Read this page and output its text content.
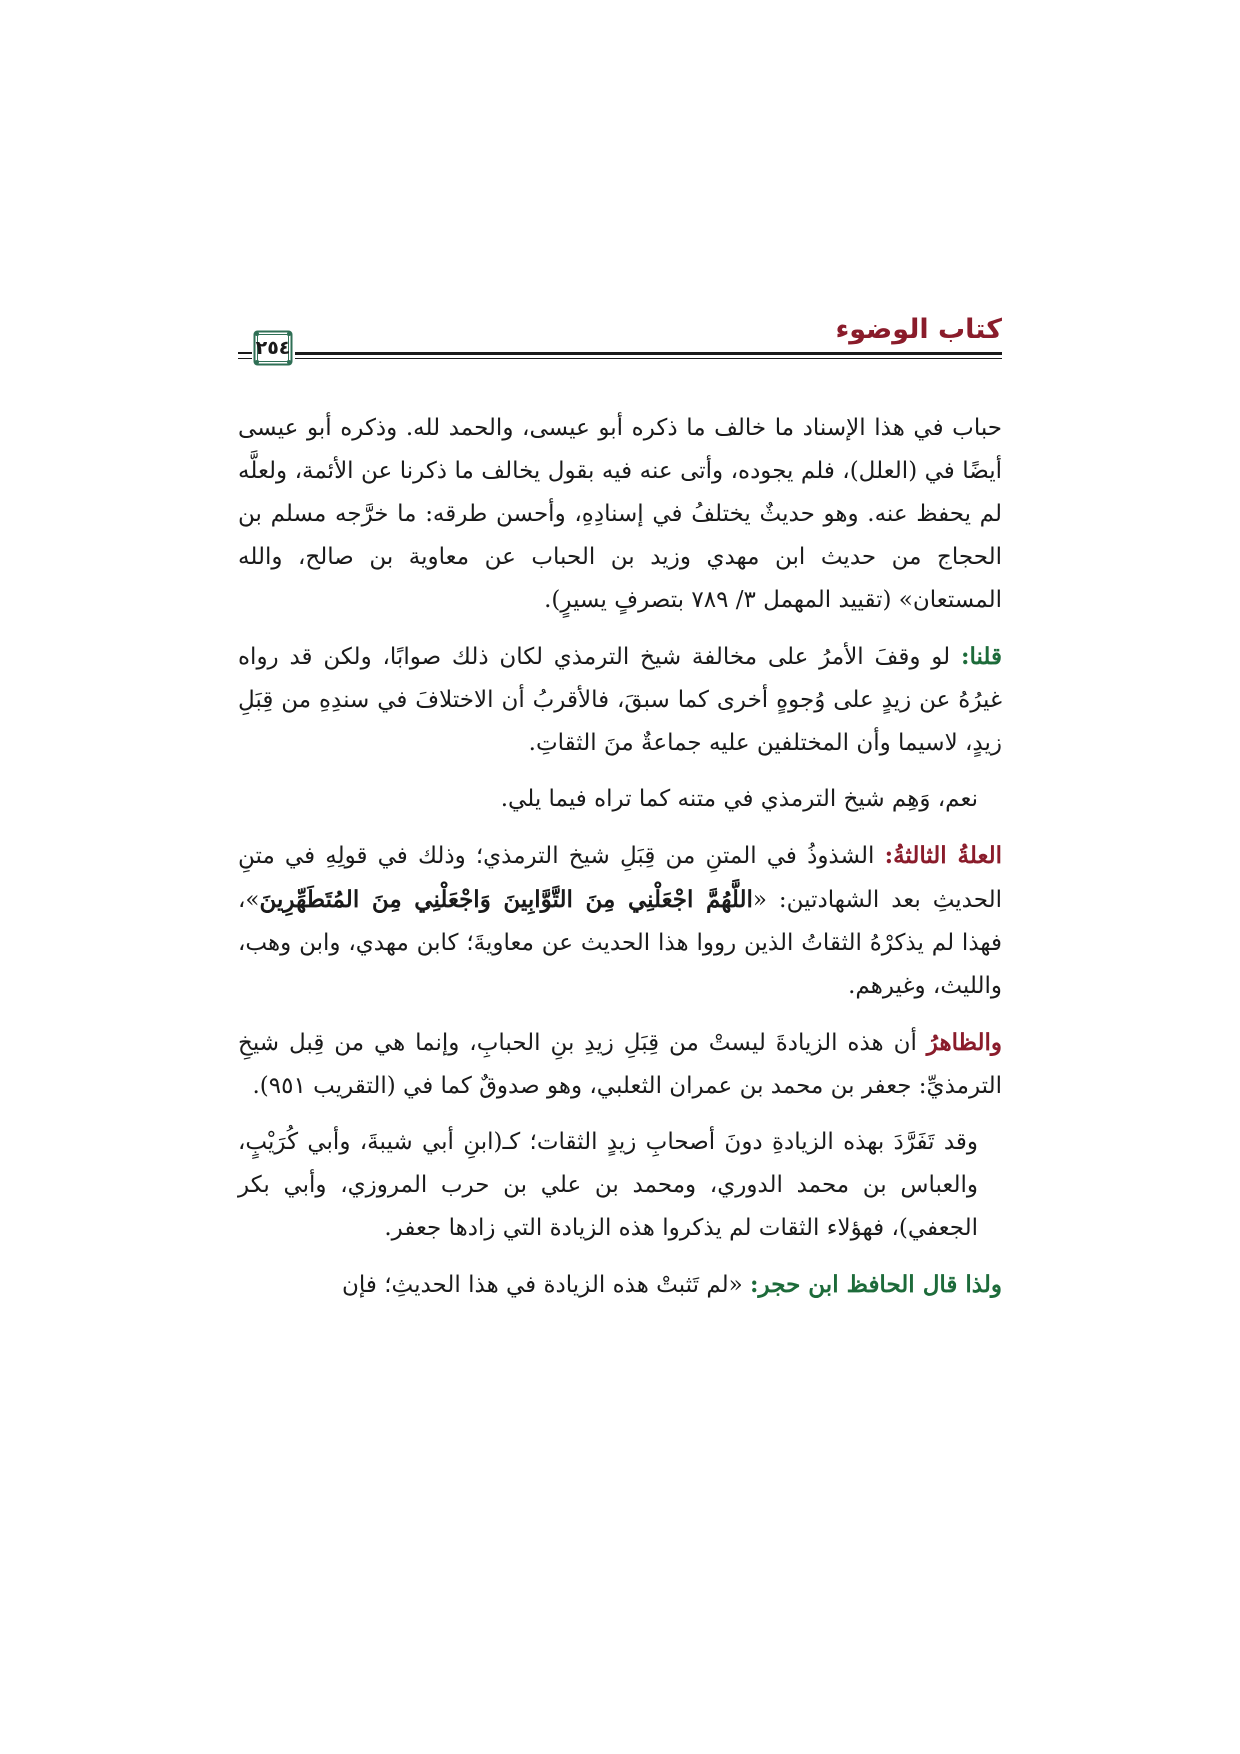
كتاب الوضوء
٢٥٤

حباب في هذا الإسناد ما خالف ما ذكره أبو عيسى، والحمد لله. وذكره أبو عيسى أيضًا في (العلل)، فلم يجوده، وأتى عنه فيه بقول يخالف ما ذكرنا عن الأئمة، ولعلَّه لم يحفظ عنه. وهو حديثٌ يختلفُ في إسنادِهِ، وأحسن طرقه: ما خرَّجه مسلم بن الحجاج من حديث ابن مهدي وزيد بن الحباب عن معاوية بن صالح، والله المستعان» (تقييد المهمل ٣/ ٧٨٩ بتصرفٍ يسيرٍ).

قلنا: لو وقفَ الأمرُ على مخالفة شيخ الترمذي لكان ذلك صوابًا، ولكن قد رواه غيرُهُ عن زيدٍ على وُجوهٍ أخرى كما سبقَ، فالأقربُ أن الاختلافَ في سندِهِ من قِبَلِ زيدٍ، لاسيما وأن المختلفين عليه جماعةٌ منَ الثقاتِ.

نعم، وَهِم شيخ الترمذي في متنه كما تراه فيما يلي.

العلةُ الثالثةُ: الشذوذُ في المتنِ من قِبَلِ شيخ الترمذي؛ وذلك في قولِهِ في متنِ الحديثِ بعد الشهادتين: «اللَّهُمَّ اجْعَلْنِي مِنَ التَّوَّابِينَ وَاجْعَلْنِي مِنَ المُتَطَهِّرِينَ»، فهذا لم يذكرْهُ الثقاتُ الذين رووا هذا الحديث عن معاويةَ؛ كابن مهدي، وابن وهب، والليث، وغيرهم.

والظاهرُ أن هذه الزيادةَ ليستْ من قِبَلِ زيدِ بنِ الحبابِ، وإنما هي من قِبل شيخِ الترمذيِّ: جعفر بن محمد بن عمران الثعلبي، وهو صدوقٌ كما في (التقريب ٩٥١).

وقد تَفَرَّدَ بهذه الزيادةِ دونَ أصحابِ زيدٍ الثقات؛ كـ(ابنِ أبي شيبةَ، وأبي كُرَيْبٍ، والعباس بن محمد الدوري، ومحمد بن علي بن حرب المروزي، وأبي بكر الجعفي)، فهؤلاء الثقات لم يذكروا هذه الزيادة التي زادها جعفر.

ولذا قال الحافظ ابن حجر: «لم تَثبتْ هذه الزيادة في هذا الحديثِ؛ فإن
